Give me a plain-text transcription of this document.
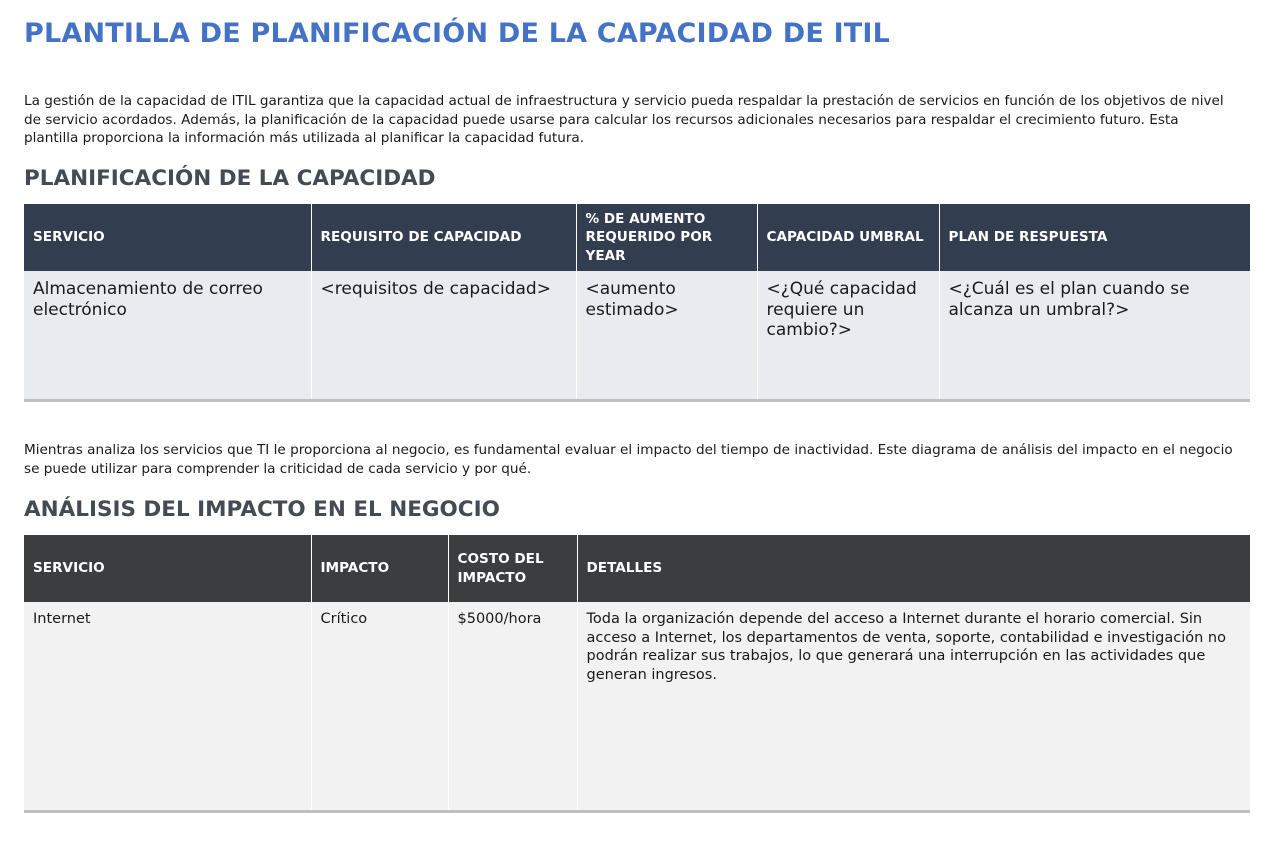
PLANTILLA DE PLANIFICACIÓN DE LA CAPACIDAD DE ITIL

La gestión de la capacidad de ITIL garantiza que la capacidad actual de infraestructura y servicio pueda respaldar la prestación de servicios en función de los objetivos de nivel de servicio acordados. Además, la planificación de la capacidad puede usarse para calcular los recursos adicionales necesarios para respaldar el crecimiento futuro. Esta plantilla proporciona la información más utilizada al planificar la capacidad futura.

PLANIFICACIÓN DE LA CAPACIDAD
SERVICIO	REQUISITO DE CAPACIDAD	% DE AUMENTO REQUERIDO POR YEAR	CAPACIDAD UMBRAL	PLAN DE RESPUESTA
Almacenamiento de correo electrónico	<requisitos de capacidad>	<aumento estimado>	<¿Qué capacidad requiere un cambio?>	<¿Cuál es el plan cuando se alcanza un umbral?>

Mientras analiza los servicios que TI le proporciona al negocio, es fundamental evaluar el impacto del tiempo de inactividad. Este diagrama de análisis del impacto en el negocio se puede utilizar para comprender la criticidad de cada servicio y por qué.

ANÁLISIS DEL IMPACTO EN EL NEGOCIO
SERVICIO	IMPACTO	COSTO DEL IMPACTO	DETALLES
Internet	Crítico	$5000/hora	Toda la organización depende del acceso a Internet durante el horario comercial. Sin acceso a Internet, los departamentos de venta, soporte, contabilidad e investigación no podrán realizar sus trabajos, lo que generará una interrupción en las actividades que generan ingresos.
